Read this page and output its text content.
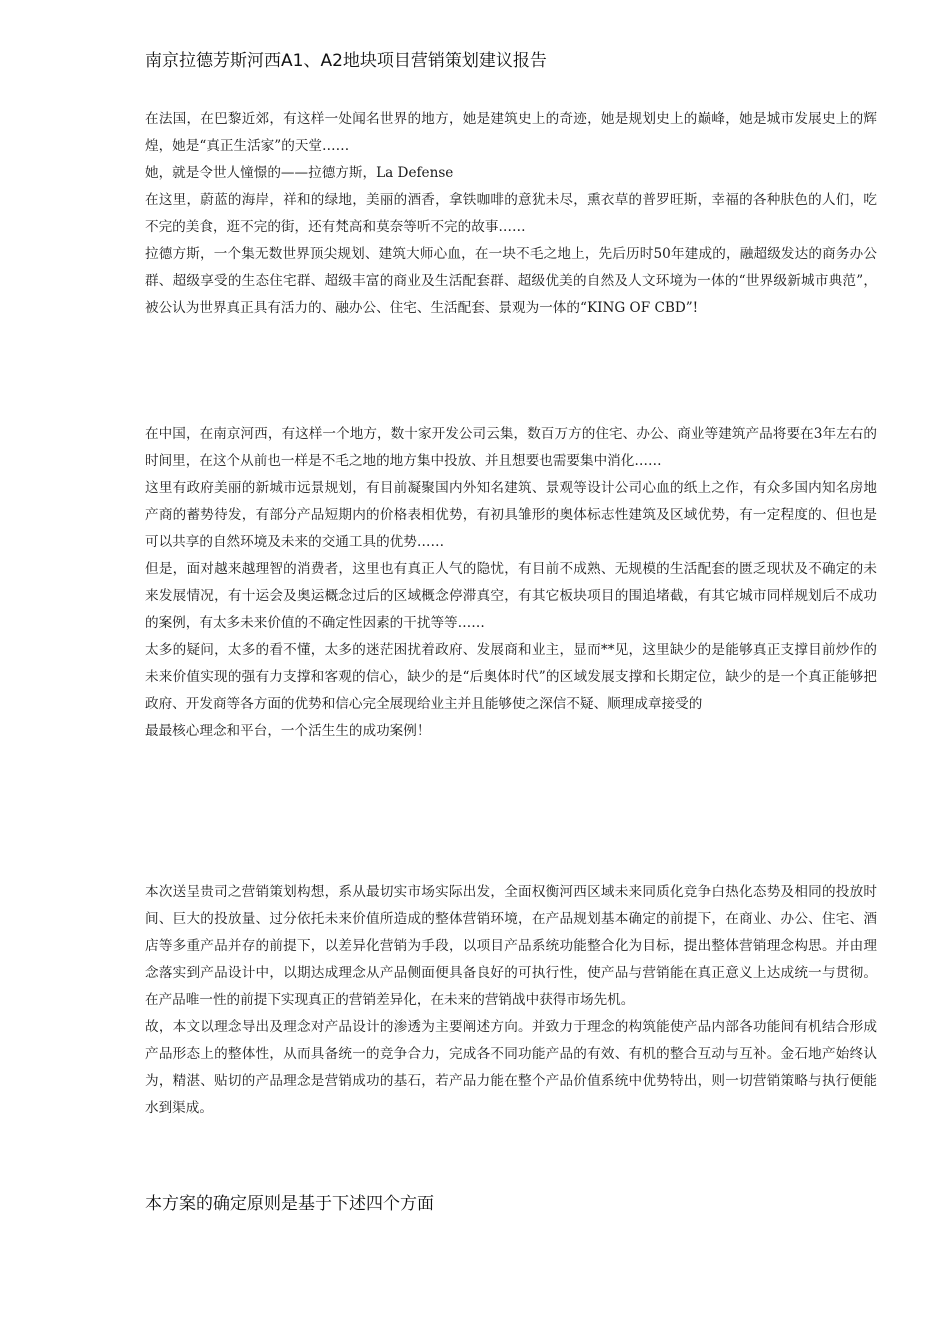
南京拉德芳斯河西A1、A2地块项目营销策划建议报告

在法国，在巴黎近郊，有这样一处闻名世界的地方，她是建筑史上的奇迹，她是规划史上的巅峰，她是城市发展史上的辉煌，她是“真正生活家”的天堂……

她，就是令世人憧憬的——拉德方斯，La Defense

在这里，蔚蓝的海岸，祥和的绿地，美丽的酒香，拿铁咖啡的意犹未尽，熏衣草的普罗旺斯，幸福的各种肤色的人们，吃不完的美食，逛不完的街，还有梵高和莫奈等听不完的故事……

拉德方斯，一个集无数世界顶尖规划、建筑大师心血，在一块不毛之地上，先后历时50年建成的，融超级发达的商务办公群、超级享受的生态住宅群、超级丰富的商业及生活配套群、超级优美的自然及人文环境为一体的“世界级新城市典范”，被公认为世界真正具有活力的、融办公、住宅、生活配套、景观为一体的“KING OF CBD”!

在中国，在南京河西，有这样一个地方，数十家开发公司云集，数百万方的住宅、办公、商业等建筑产品将要在3年左右的时间里，在这个从前也一样是不毛之地的地方集中投放、并且想要也需要集中消化……

这里有政府美丽的新城市远景规划，有目前凝聚国内外知名建筑、景观等设计公司心血的纸上之作，有众多国内知名房地产商的蓄势待发，有部分产品短期内的价格表相优势，有初具雏形的奥体标志性建筑及区域优势，有一定程度的、但也是可以共享的自然环境及未来的交通工具的优势……

但是，面对越来越理智的消费者，这里也有真正人气的隐忧，有目前不成熟、无规模的生活配套的匮乏现状及不确定的未来发展情况，有十运会及奥运概念过后的区域概念停滞真空，有其它板块项目的围追堵截，有其它城市同样规划后不成功的案例，有太多未来价值的不确定性因素的干扰等等……

太多的疑问，太多的看不懂，太多的迷茫困扰着政府、发展商和业主，显而**见，这里缺少的是能够真正支撑目前炒作的未来价值实现的强有力支撑和客观的信心，缺少的是“后奥体时代”的区域发展支撑和长期定位，缺少的是一个真正能够把政府、开发商等各方面的优势和信心完全展现给业主并且能够使之深信不疑、顺理成章接受的

最最核心理念和平台，一个活生生的成功案例！

本次送呈贵司之营销策划构想，系从最切实市场实际出发，全面权衡河西区域未来同质化竞争白热化态势及相同的投放时间、巨大的投放量、过分依托未来价值所造成的整体营销环境，在产品规划基本确定的前提下，在商业、办公、住宅、酒店等多重产品并存的前提下，以差异化营销为手段，以项目产品系统功能整合化为目标，提出整体营销理念构思。并由理念落实到产品设计中，以期达成理念从产品侧面便具备良好的可执行性，使产品与营销能在真正意义上达成统一与贯彻。在产品唯一性的前提下实现真正的营销差异化，在未来的营销战中获得市场先机。

故，本文以理念导出及理念对产品设计的渗透为主要阐述方向。并致力于理念的构筑能使产品内部各功能间有机结合形成产品形态上的整体性，从而具备统一的竞争合力，完成各不同功能产品的有效、有机的整合互动与互补。金石地产始终认为，精湛、贴切的产品理念是营销成功的基石，若产品力能在整个产品价值系统中优势特出，则一切营销策略与执行便能水到渠成。

本方案的确定原则是基于下述四个方面
